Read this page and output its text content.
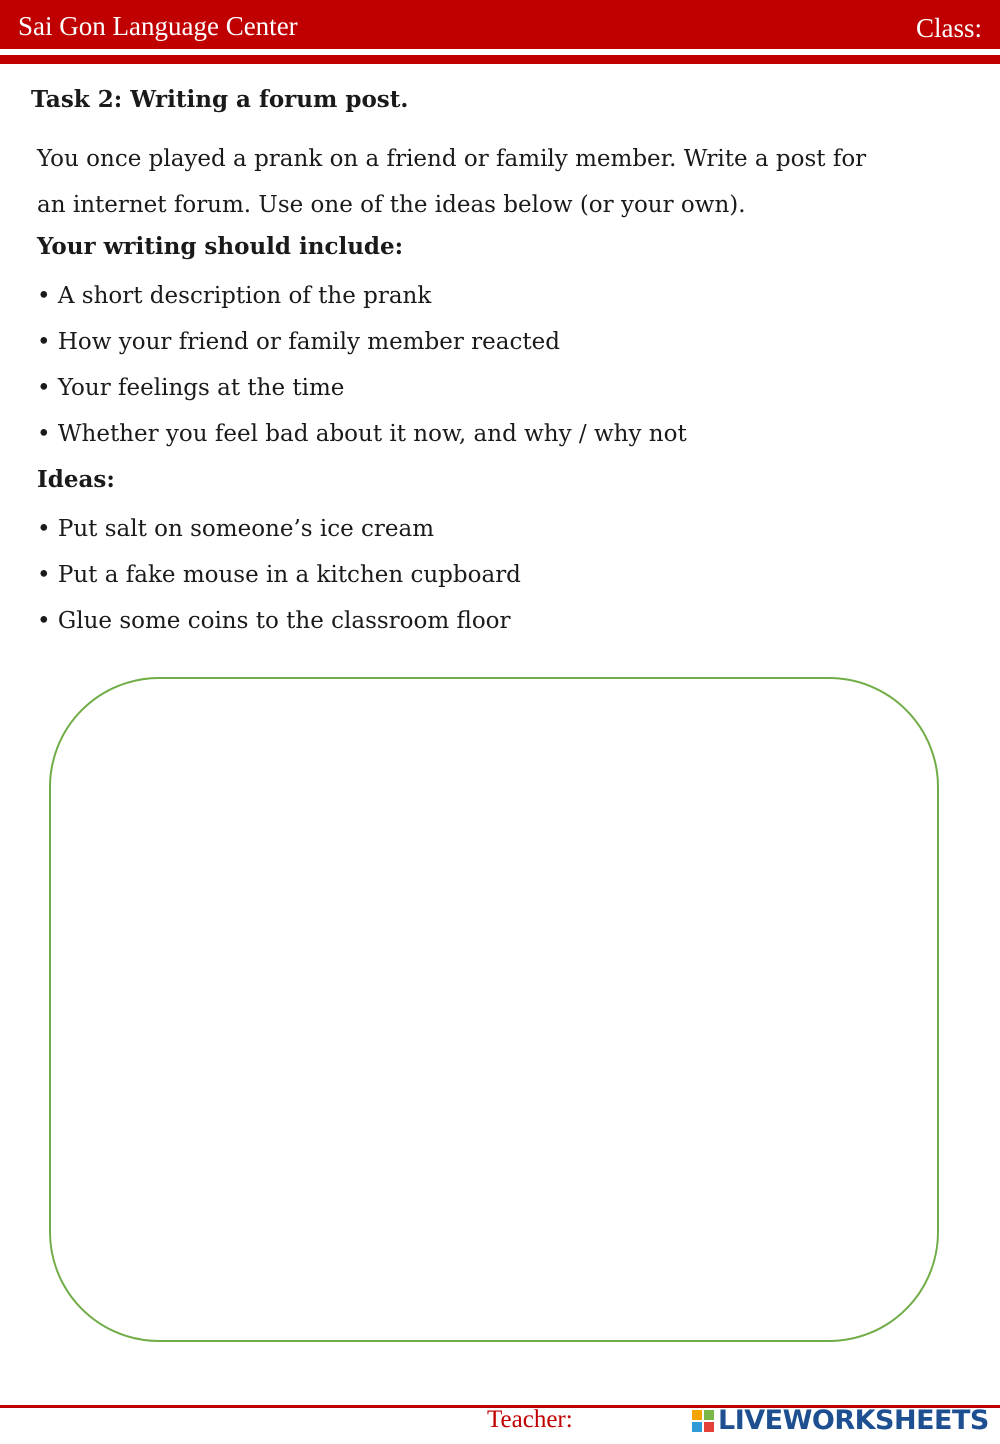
Sai Gon Language Center	Class:
Task 2: Writing a forum post.

You once played a prank on a friend or family member. Write a post for

an internet forum. Use one of the ideas below (or your own).

Your writing should include:
• A short description of the prank
• How your friend or family member reacted
• Your feelings at the time
• Whether you feel bad about it now, and why / why not
Ideas:
• Put salt on someone’s ice cream
• Put a fake mouse in a kitchen cupboard
• Glue some coins to the classroom floor
Teacher:	LIVEWORKSHEETS
